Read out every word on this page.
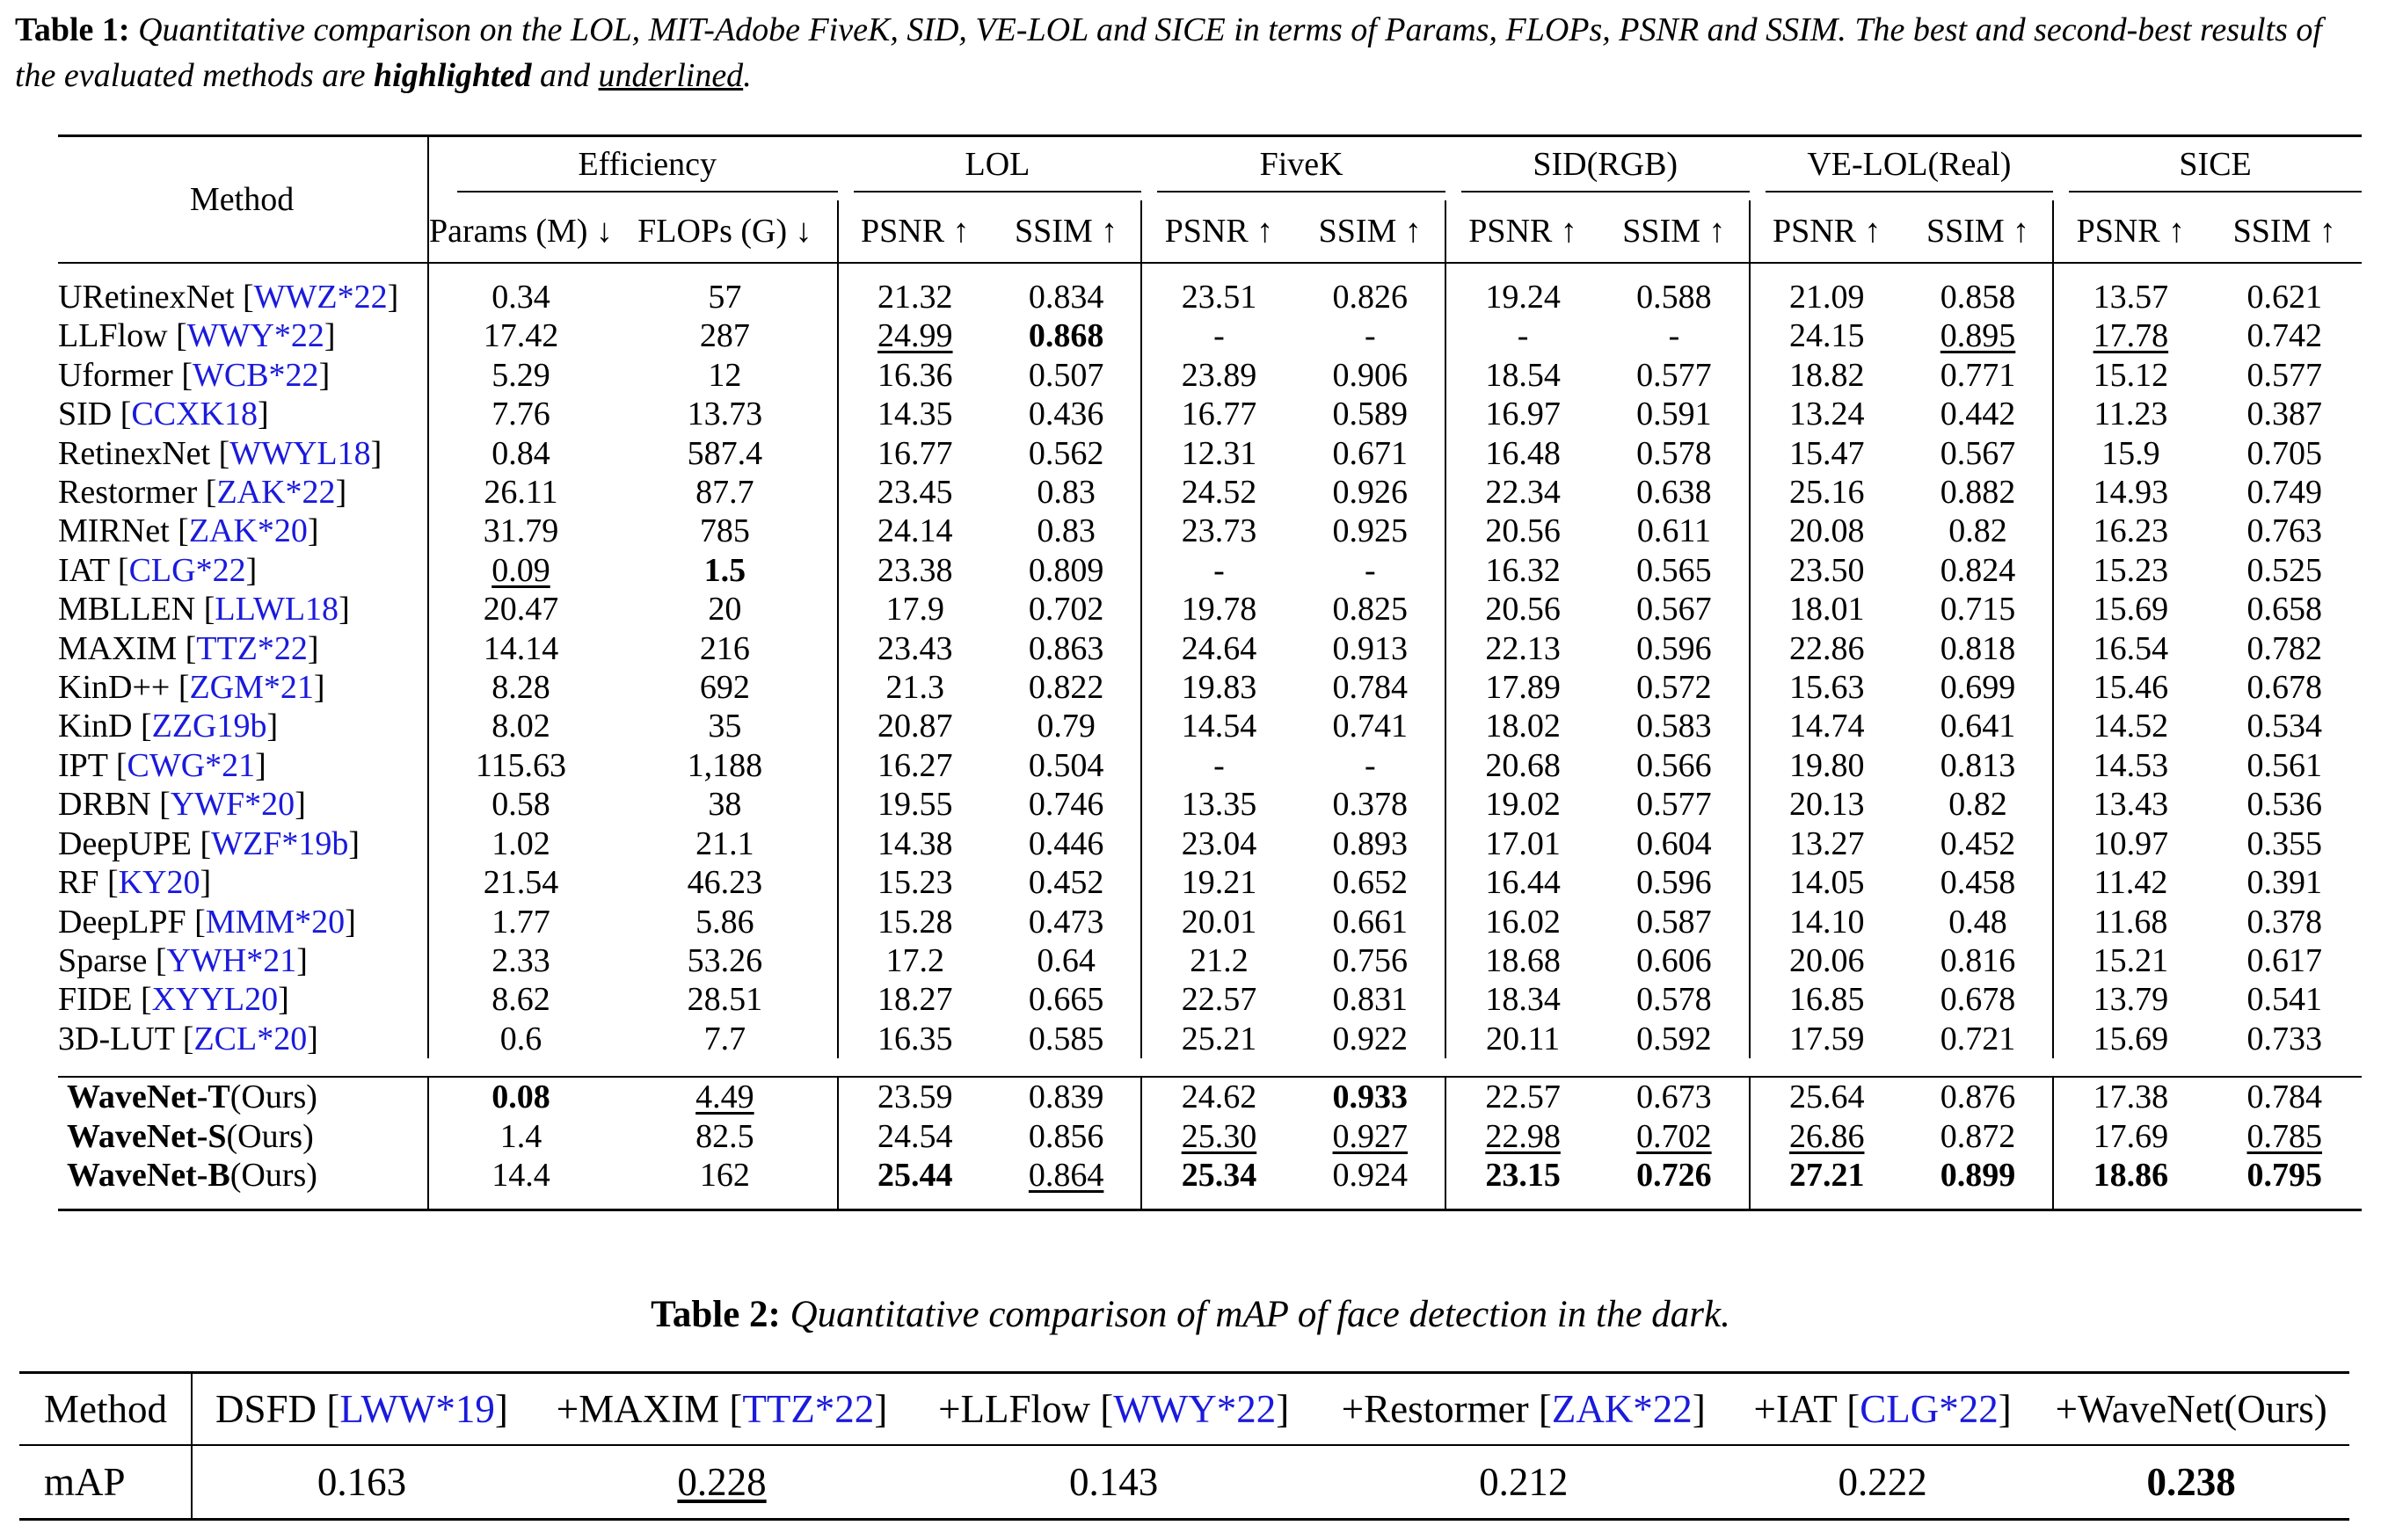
Table 1: Quantitative comparison on the LOL, MIT-Adobe FiveK, SID, VE-LOL and SICE in terms of Params, FLOPs, PSNR and SSIM. The best and second-best results of the evaluated methods are highlighted and underlined.
Method	Efficiency		LOL		FiveK		SID(RGB)		VE-LOL(Real)		SICE	

	Params (M) ↓	FLOPs (G) ↓	PSNR ↑	SSIM ↑	PSNR ↑	SSIM ↑	PSNR ↑	SSIM ↑	PSNR ↑	SSIM ↑	PSNR ↑	SSIM ↑

URetinexNet [WWZ*22]	0.34	57	21.32	0.834	23.51	0.826	19.24	0.588	21.09	0.858	13.57	0.621
LLFlow [WWY*22]	17.42	287	24.99	0.868	-	-	-	-	24.15	0.895	17.78	0.742
Uformer [WCB*22]	5.29	12	16.36	0.507	23.89	0.906	18.54	0.577	18.82	0.771	15.12	0.577
SID [CCXK18]	7.76	13.73	14.35	0.436	16.77	0.589	16.97	0.591	13.24	0.442	11.23	0.387
RetinexNet [WWYL18]	0.84	587.4	16.77	0.562	12.31	0.671	16.48	0.578	15.47	0.567	15.9	0.705
Restormer [ZAK*22]	26.11	87.7	23.45	0.83	24.52	0.926	22.34	0.638	25.16	0.882	14.93	0.749
MIRNet [ZAK*20]	31.79	785	24.14	0.83	23.73	0.925	20.56	0.611	20.08	0.82	16.23	0.763
IAT [CLG*22]	0.09	1.5	23.38	0.809	-	-	16.32	0.565	23.50	0.824	15.23	0.525
MBLLEN [LLWL18]	20.47	20	17.9	0.702	19.78	0.825	20.56	0.567	18.01	0.715	15.69	0.658
MAXIM [TTZ*22]	14.14	216	23.43	0.863	24.64	0.913	22.13	0.596	22.86	0.818	16.54	0.782
KinD++ [ZGM*21]	8.28	692	21.3	0.822	19.83	0.784	17.89	0.572	15.63	0.699	15.46	0.678
KinD [ZZG19b]	8.02	35	20.87	0.79	14.54	0.741	18.02	0.583	14.74	0.641	14.52	0.534
IPT [CWG*21]	115.63	1,188	16.27	0.504	-	-	20.68	0.566	19.80	0.813	14.53	0.561
DRBN [YWF*20]	0.58	38	19.55	0.746	13.35	0.378	19.02	0.577	20.13	0.82	13.43	0.536
DeepUPE [WZF*19b]	1.02	21.1	14.38	0.446	23.04	0.893	17.01	0.604	13.27	0.452	10.97	0.355
RF [KY20]	21.54	46.23	15.23	0.452	19.21	0.652	16.44	0.596	14.05	0.458	11.42	0.391
DeepLPF [MMM*20]	1.77	5.86	15.28	0.473	20.01	0.661	16.02	0.587	14.10	0.48	11.68	0.378
Sparse [YWH*21]	2.33	53.26	17.2	0.64	21.2	0.756	18.68	0.606	20.06	0.816	15.21	0.617
FIDE [XYYL20]	8.62	28.51	18.27	0.665	22.57	0.831	18.34	0.578	16.85	0.678	13.79	0.541
3D-LUT [ZCL*20]	0.6	7.7	16.35	0.585	25.21	0.922	20.11	0.592	17.59	0.721	15.69	0.733

WaveNet-T(Ours)	0.08	4.49	23.59	0.839	24.62	0.933	22.57	0.673	25.64	0.876	17.38	0.784
WaveNet-S(Ours)	1.4	82.5	24.54	0.856	25.30	0.927	22.98	0.702	26.86	0.872	17.69	0.785
WaveNet-B(Ours)	14.4	162	25.44	0.864	25.34	0.924	23.15	0.726	27.21	0.899	18.86	0.795

Table 2: Quantitative comparison of mAP of face detection in the dark.
Method	DSFD [LWW*19]	+MAXIM [TTZ*22]	+LLFlow [WWY*22]	+Restormer [ZAK*22]	+IAT [CLG*22]	+WaveNet(Ours)
mAP	0.163	0.228	0.143	0.212	0.222	0.238
